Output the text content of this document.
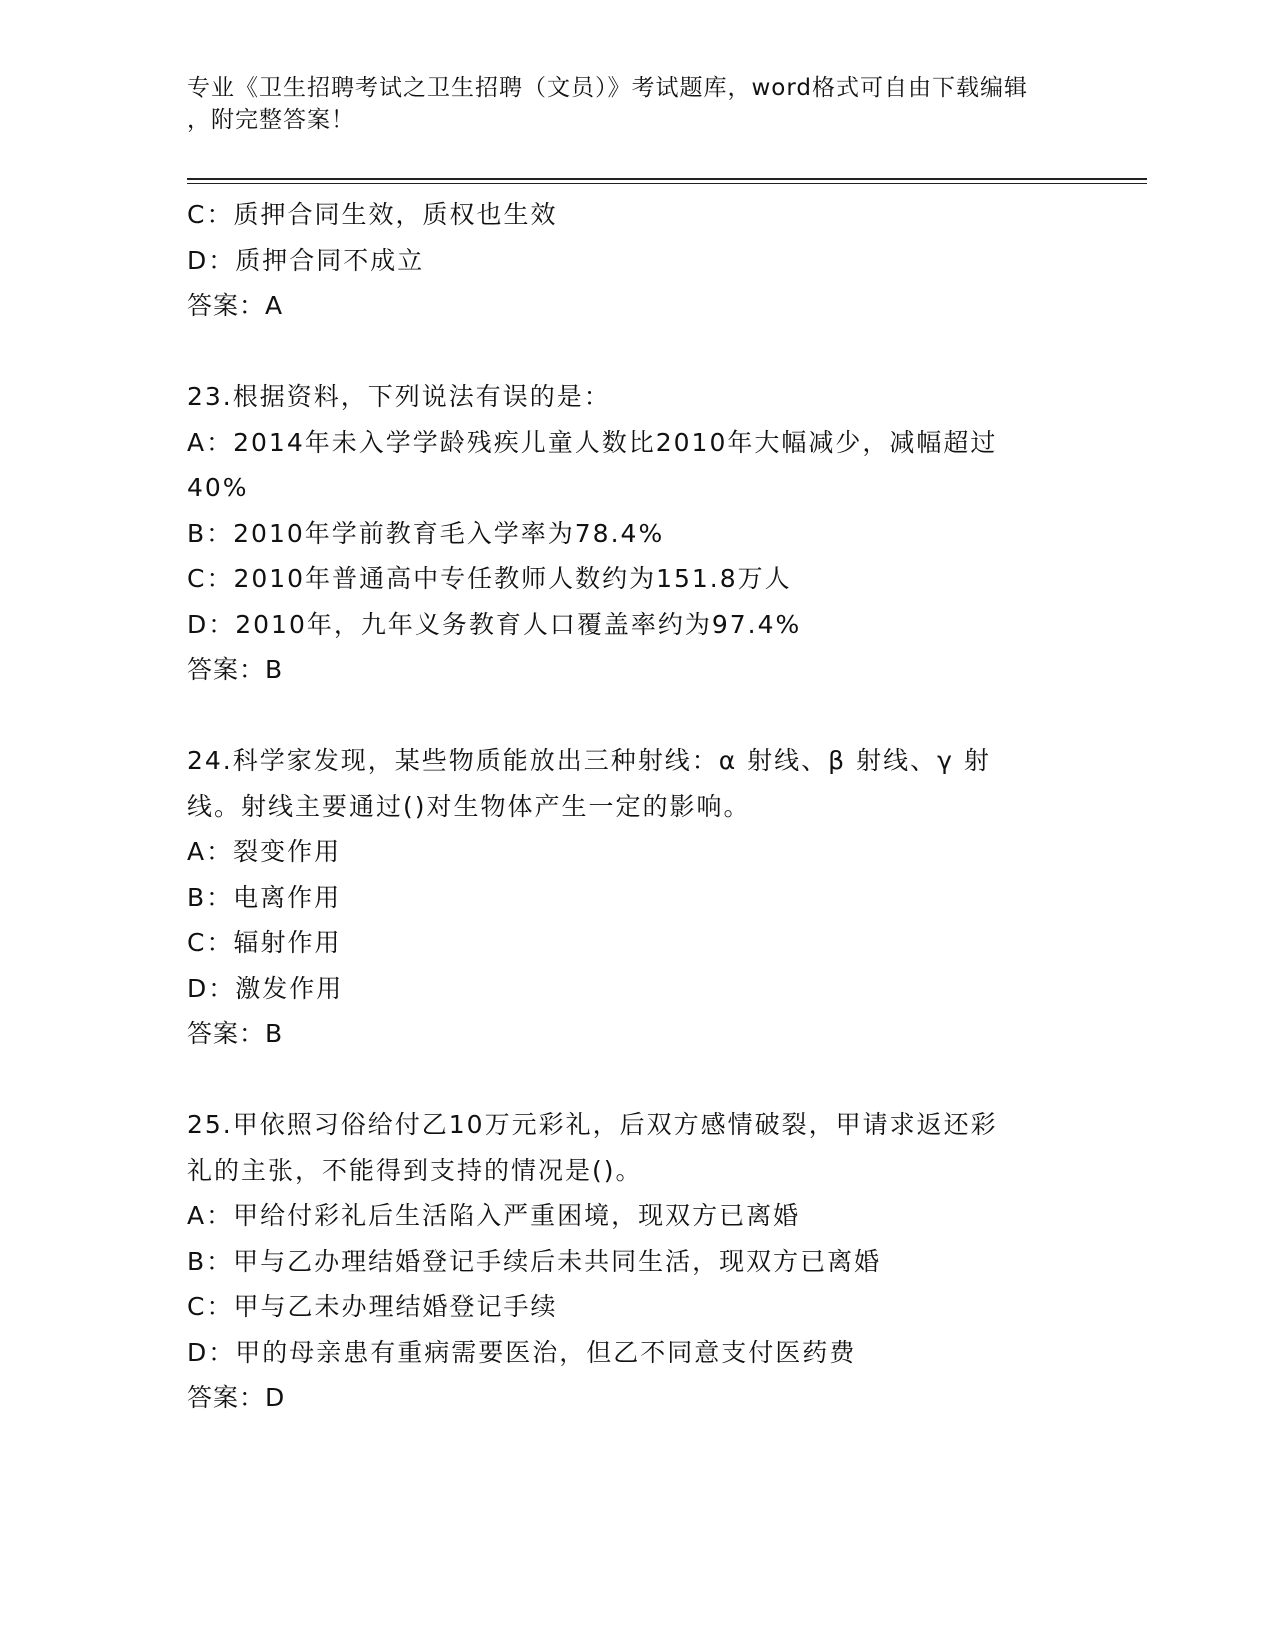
专业《卫生招聘考试之卫生招聘（文员）》考试题库，word格式可自由下载编辑
，附完整答案！
C：质押合同生效，质权也生效
D：质押合同不成立
答案：A
23.根据资料，下列说法有误的是：
A：2014年未入学学龄残疾儿童人数比2010年大幅减少，减幅超过
40%
B：2010年学前教育毛入学率为78.4%
C：2010年普通高中专任教师人数约为151.8万人
D：2010年，九年义务教育人口覆盖率约为97.4%
答案：B
24.科学家发现，某些物质能放出三种射线：α 射线、β 射线、γ 射
线。射线主要通过()对生物体产生一定的影响。
A：裂变作用
B：电离作用
C：辐射作用
D：激发作用
答案：B
25.甲依照习俗给付乙10万元彩礼，后双方感情破裂，甲请求返还彩
礼的主张，不能得到支持的情况是()。
A：甲给付彩礼后生活陷入严重困境，现双方已离婚
B：甲与乙办理结婚登记手续后未共同生活，现双方已离婚
C：甲与乙未办理结婚登记手续
D：甲的母亲患有重病需要医治，但乙不同意支付医药费
答案：D
